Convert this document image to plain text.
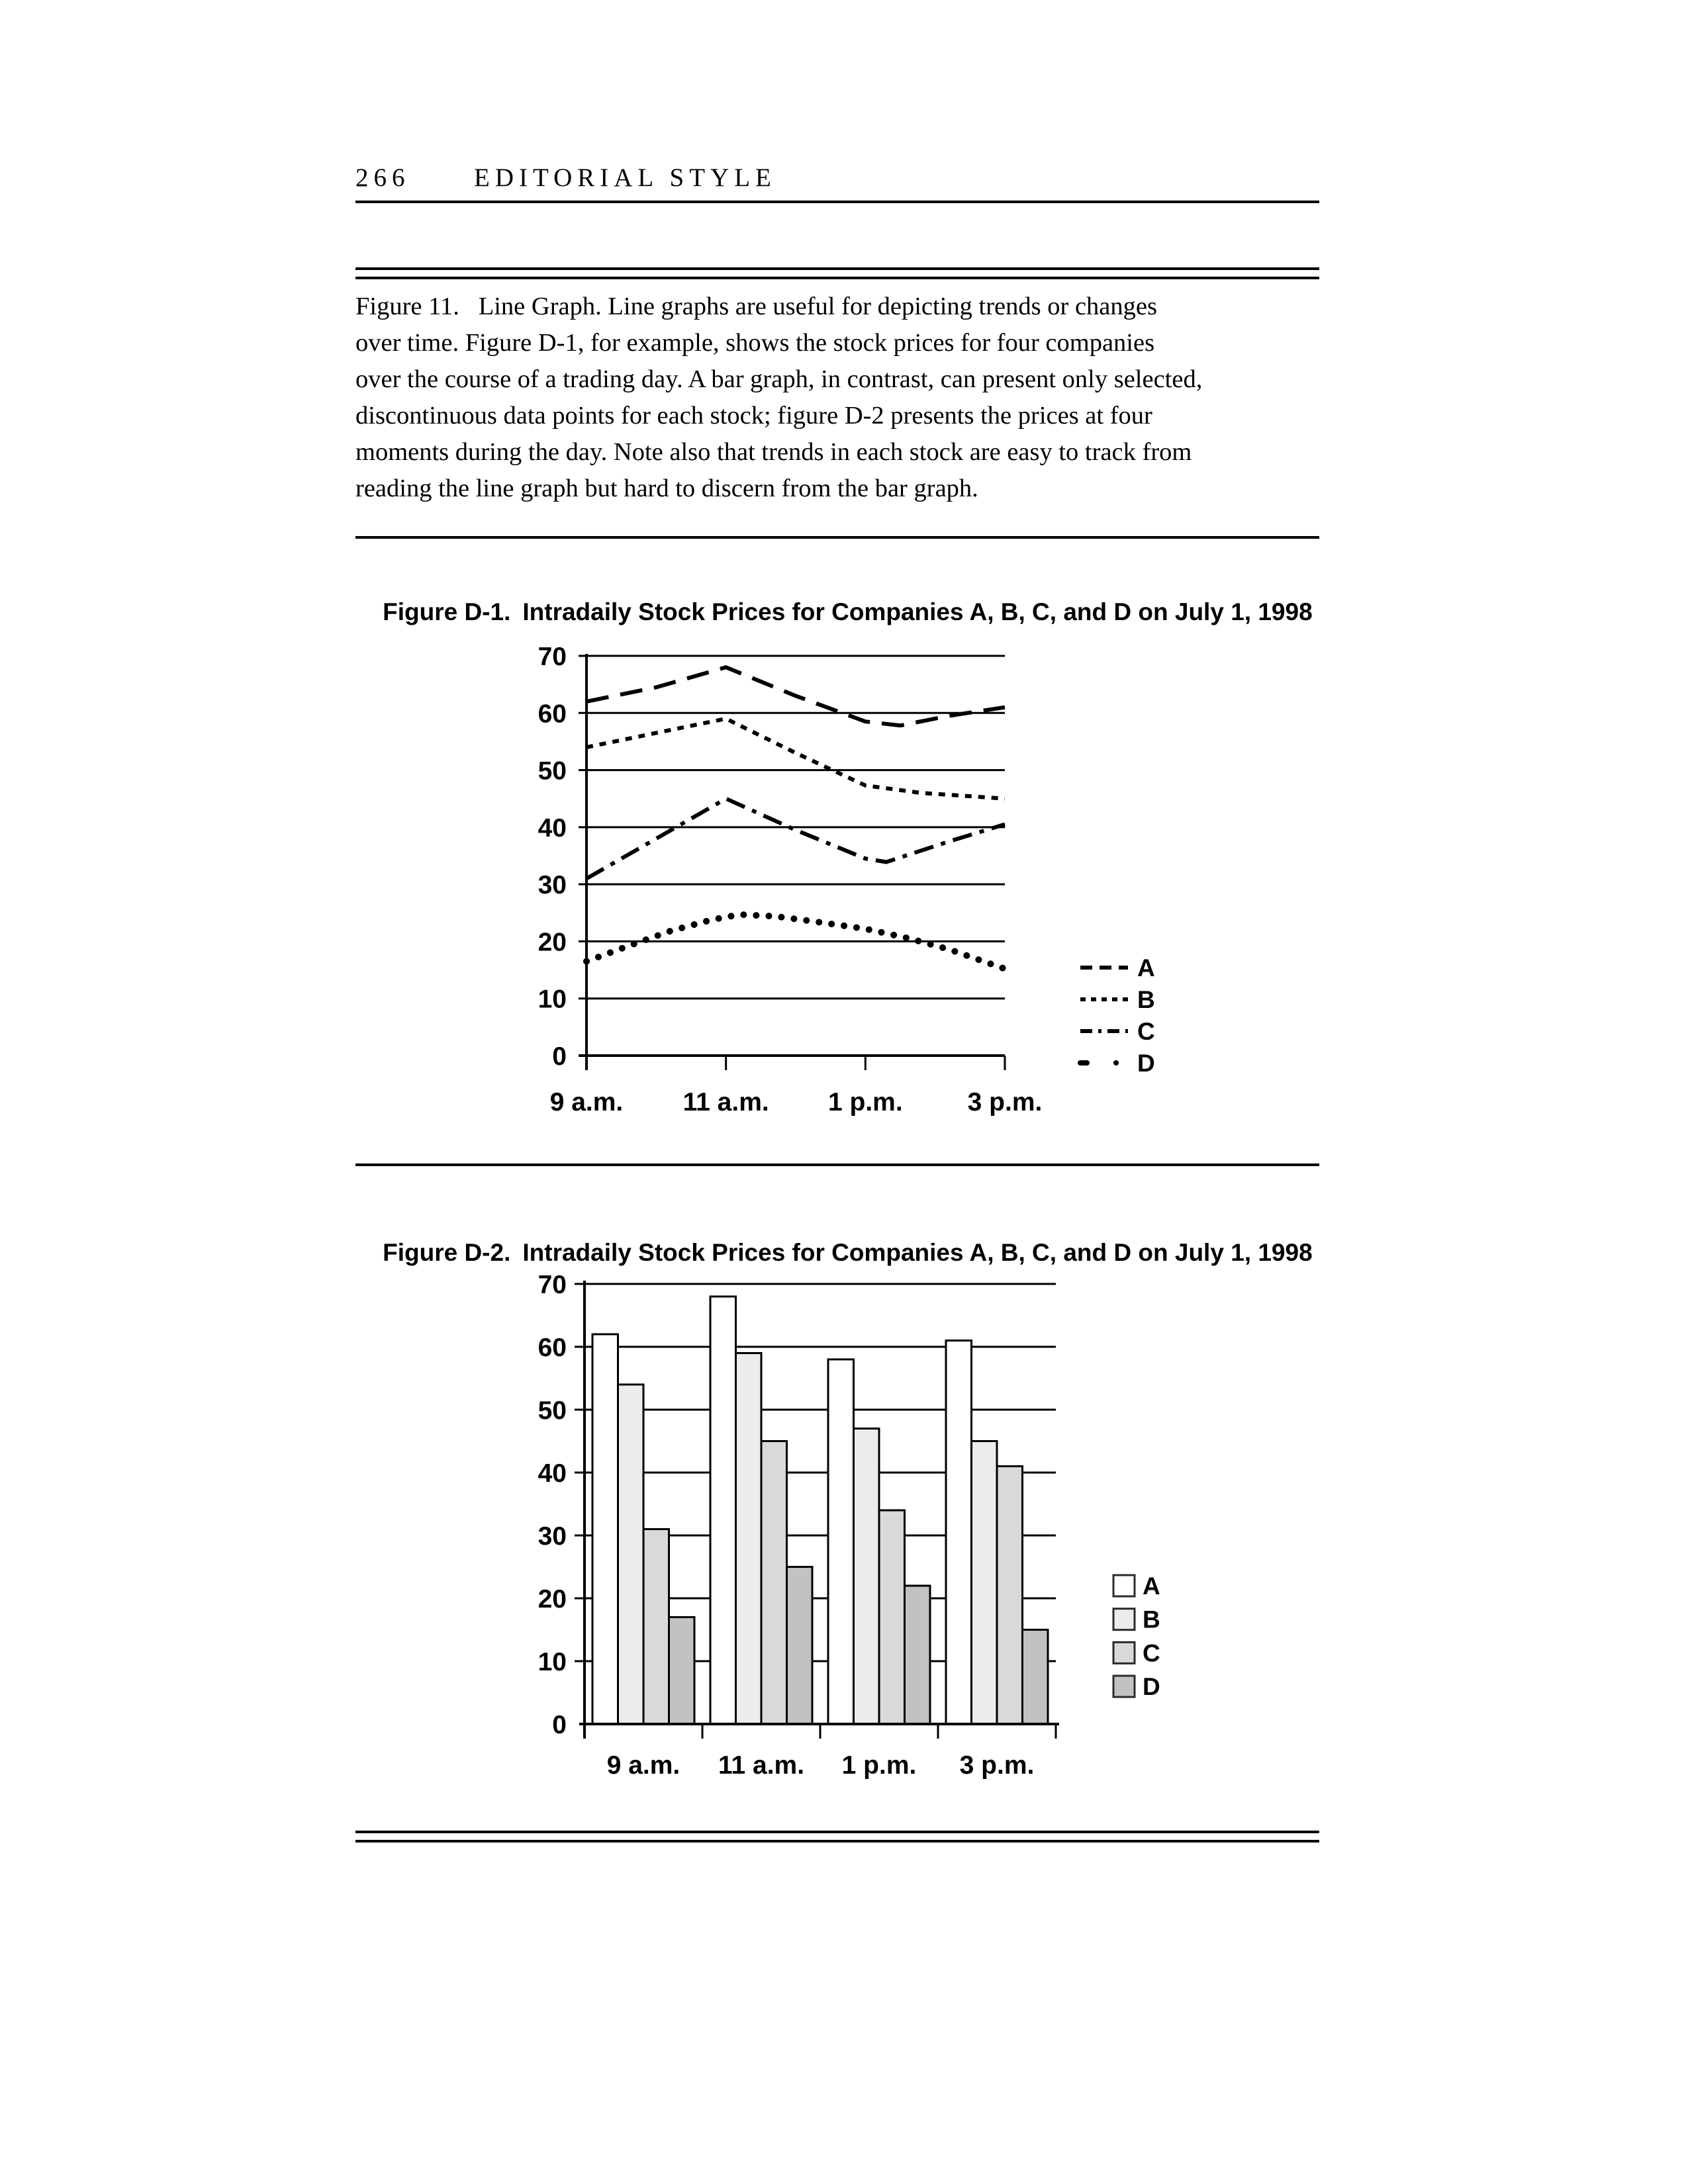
266 EDITORIAL STYLE
Figure 11.   Line Graph. Line graphs are useful for depicting trends or changes
over time. Figure D-1, for example, shows the stock prices for four companies
over the course of a trading day. A bar graph, in contrast, can present only selected,
discontinuous data points for each stock; figure D-2 presents the prices at four
moments during the day. Note also that trends in each stock are easy to track from
reading the line graph but hard to discern from the bar graph.

Figure D-1. Intradaily Stock Prices for Companies A, B, C, and D on July 1, 1998

0
10
20
30
40
50
60
70
9 a.m. 11 a.m. 1 p.m.	3 p.m.
A
B
C
D

Figure D-2. Intradaily Stock Prices for Companies A, B, C, and D on July 1, 1998

0
10
20
30
40
50
60
70
9 a.m. 11 a.m. 1 p.m. 3 p.m.
A
B
C
D
